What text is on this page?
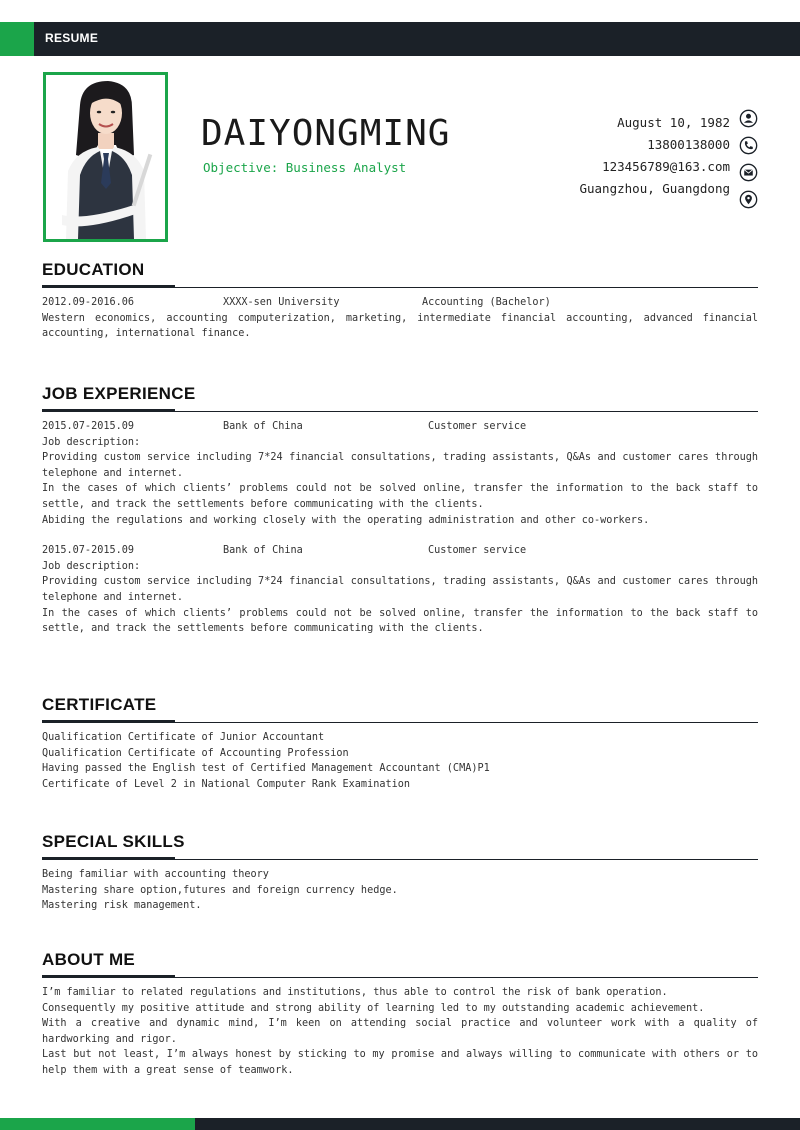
RESUME
DAIYONGMING
Objective: Business Analyst
August 10, 1982
13800138000
123456789@163.com
Guangzhou, Guangdong
EDUCATION
2012.09-2016.06	XXXX-sen University	Accounting (Bachelor)
Western economics, accounting computerization, marketing, intermediate financial accounting, advanced financial accounting, international finance.
JOB EXPERIENCE
2015.07-2015.09	Bank of China	Customer service
Job description:
Providing custom service including 7*24 financial consultations, trading assistants, Q&As and customer cares through telephone and internet.
In the cases of which clients’ problems could not be solved online, transfer the information to the back staff to settle, and track the settlements before communicating with the clients.
Abiding the regulations and working closely with the operating administration and other co-workers.
2015.07-2015.09	Bank of China	Customer service
Job description:
Providing custom service including 7*24 financial consultations, trading assistants, Q&As and customer cares through telephone and internet.
In the cases of which clients’ problems could not be solved online, transfer the information to the back staff to settle, and track the settlements before communicating with the clients.
CERTIFICATE
Qualification Certificate of Junior Accountant
Qualification Certificate of Accounting Profession
Having passed the English test of Certified Management Accountant (CMA)P1
Certificate of Level 2 in National Computer Rank Examination
SPECIAL SKILLS
Being familiar with accounting theory
Mastering share option,futures and foreign currency hedge.
Mastering risk management.
ABOUT ME
I’m familiar to related regulations and institutions, thus able to control the risk of bank operation.
Consequently my positive attitude and strong ability of learning led to my outstanding academic achievement.
With a creative and dynamic mind, I’m keen on attending social practice and volunteer work with a quality of hardworking and rigor.
Last but not least, I’m always honest by sticking to my promise and always willing to communicate with others or to help them with a great sense of teamwork.
